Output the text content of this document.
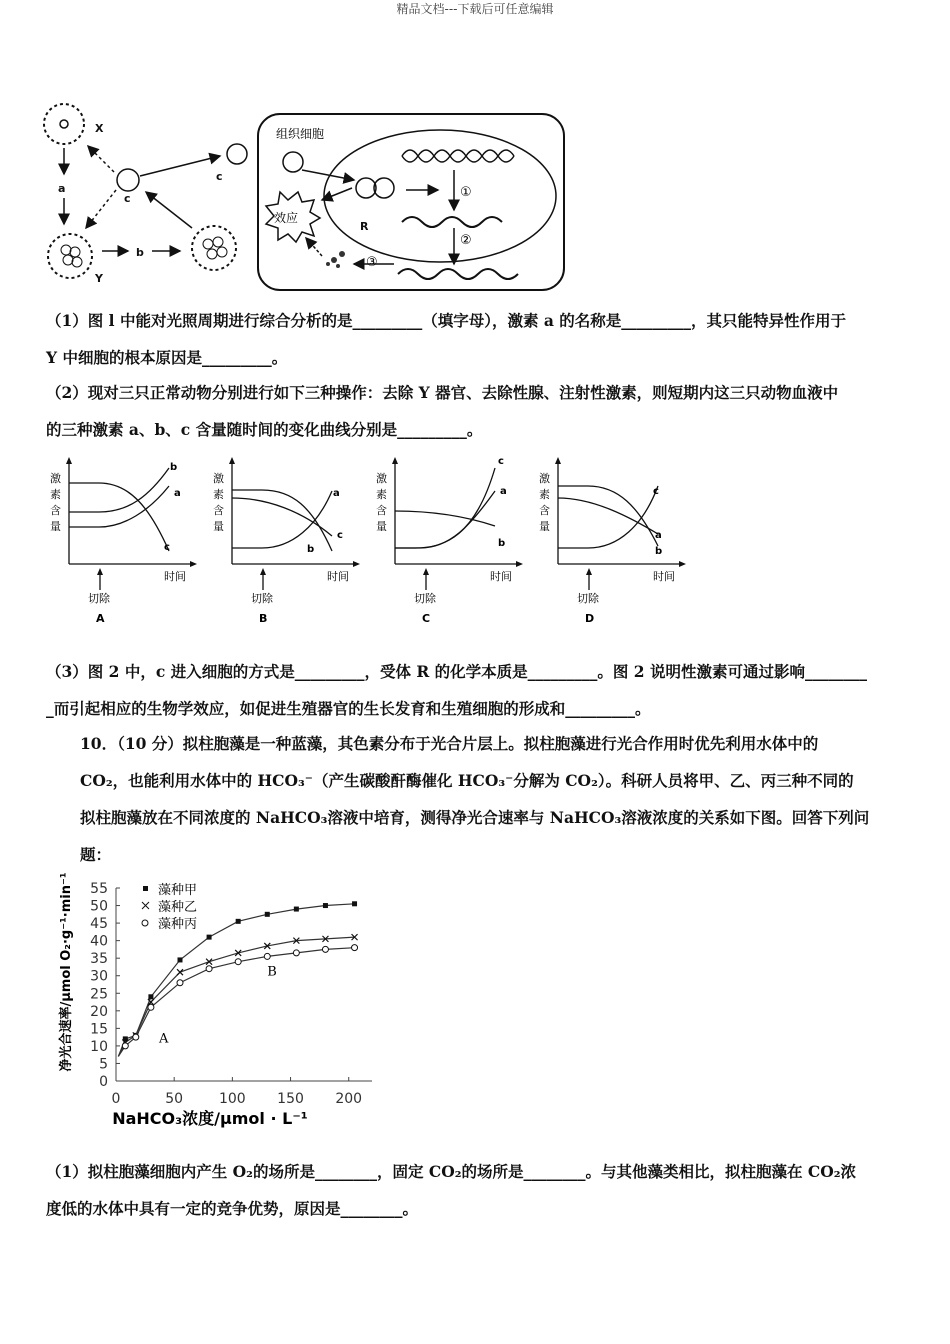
精品文档---下载后可任意编辑
X
a
Y
b
c
c
组织细胞
R
①
②
③
效应
（1）图 l 中能对光照周期进行综合分析的是_________（填字母），激素 a 的名称是_________，其只能特异性作用于
Y 中细胞的根本原因是_________。
（2）现对三只正常动物分别进行如下三种操作：去除 Y 器官、去除性腺、注射性激素，则短期内这三只动物血液中
的三种激素 a、b、c 含量随时间的变化曲线分别是_________。
激
素
含
量
时间
切除
A
b
a
c
激
素
含
量
时间
切除
B
a
c
b
激
素
含
量
时间
切除
C
c
a
b
激
素
含
量
时间
切除
D
c
a
b
（3）图 2 中，c 进入细胞的方式是_________，受体 R 的化学本质是_________。图 2 说明性激素可通过影响________
_而引起相应的生物学效应，如促进生殖器官的生长发育和生殖细胞的形成和_________。
10．（10 分）拟柱胞藻是一种蓝藻，其色素分布于光合片层上。拟柱胞藻进行光合作用时优先利用水体中的
CO₂，也能利用水体中的 HCO₃⁻（产生碳酸酐酶催化 HCO₃⁻分解为 CO₂）。科研人员将甲、乙、丙三种不同的
拟柱胞藻放在不同浓度的 NaHCO₃溶液中培育，测得净光合速率与 NaHCO₃溶液浓度的关系如下图。回答下列问
题：
净光合速率/μmol O₂·g⁻¹·min⁻¹
NaHCO₃浓度/μmol · L⁻¹
0
5
10
15
20
25
30
35
40
45
50
55
0	50	100 150 200
藻种甲
藻种乙
藻种丙
A
B
（1）拟柱胞藻细胞内产生 O₂的场所是________，固定 CO₂的场所是________。与其他藻类相比，拟柱胞藻在 CO₂浓
度低的水体中具有一定的竞争优势，原因是________。
